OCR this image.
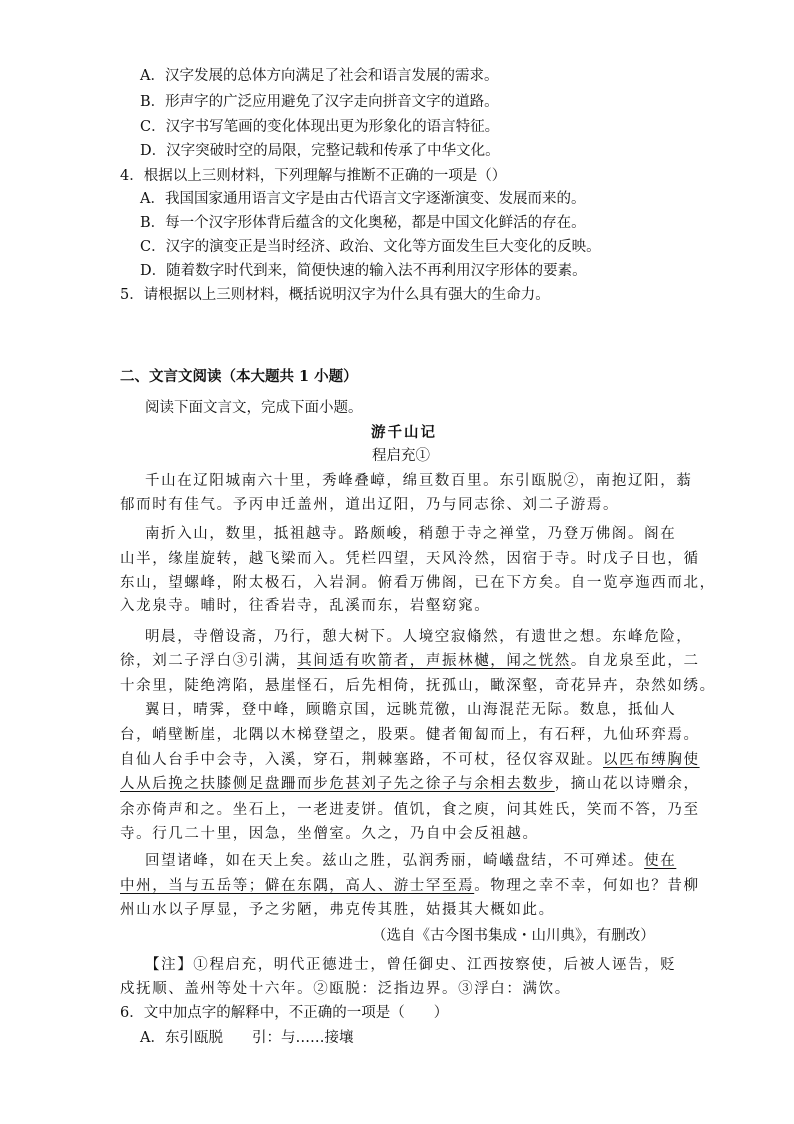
A．汉字发展的总体方向满足了社会和语言发展的需求。
B．形声字的广泛应用避免了汉字走向拼音文字的道路。
C．汉字书写笔画的变化体现出更为形象化的语言特征。
D．汉字突破时空的局限，完整记载和传承了中华文化。
4．根据以上三则材料，下列理解与推断不正确的一项是（）
A．我国国家通用语言文字是由古代语言文字逐渐演变、发展而来的。
B．每一个汉字形体背后蕴含的文化奥秘，都是中国文化鲜活的存在。
C．汉字的演变正是当时经济、政治、文化等方面发生巨大变化的反映。
D．随着数字时代到来，简便快速的输入法不再利用汉字形体的要素。
5．请根据以上三则材料，概括说明汉字为什么具有强大的生命力。
二、文言文阅读（本大题共 1 小题）
阅读下面文言文，完成下面小题。
游千山记
程启充①
千山在辽阳城南六十里，秀峰叠嶂，绵亘数百里。东引瓯脱②，南抱辽阳，蓊
郁而时有佳气。予丙申迁盖州，道出辽阳，乃与同志徐、刘二子游焉。
南折入山，数里，抵祖越寺。路颇峻，稍憩于寺之禅堂，乃登万佛阁。阁在
山半，缘崖旋转，越飞梁而入。凭栏四望，天风泠然，因宿于寺。时戊子日也，循
东山，望螺峰，附太极石，入岩洞。俯看万佛阁，已在下方矣。自一览亭迤西而北，
入龙泉寺。晡时，往香岩寺，乱溪而东，岩壑窈窕。
明晨，寺僧设斋，乃行，憩大树下。人境空寂翛然，有遗世之想。东峰危险，
徐，刘二子浮白③引满，其间适有吹箭者，声振林樾，闻之恍然。自龙泉至此，二
十余里，陡绝湾陷，悬崖怪石，后先相倚，抚孤山，瞰深壑，奇花异卉，杂然如绣。
翼日，晴霁，登中峰，顾瞻京国，远眺荒徼，山海混茫无际。数息，抵仙人
台，峭壁断崖，北隅以木梯登望之，股栗。健者匍匐而上，有石秤，九仙环弈焉。
自仙人台手中会寺，入溪，穿石，荆棘塞路，不可杖，径仅容双趾。以匹布缚胸使
人从后挽之扶膝侧足盘跚而步危甚刘子先之徐子与余相去数步，摘山花以诗赠余，
余亦倚声和之。坐石上，一老进麦饼。值饥，食之庾，问其姓氏，笑而不答，乃至
寺。行几二十里，因急，坐僧室。久之，乃自中会反祖越。
回望诸峰，如在天上矣。兹山之胜，弘润秀丽，崎嶬盘结，不可殚述。使在
中州，当与五岳等；僻在东隅，高人、游士罕至焉。物理之幸不幸，何如也？昔柳
州山水以子厚显，予之劣陋，弗克传其胜，姑摄其大概如此。
（选自《古今图书集成・山川典》，有删改）
【注】①程启充，明代正德进士，曾任御史、江西按察使，后被人诬告，贬
戍抚顺、盖州等处十六年。②瓯脱：泛指边界。③浮白：满饮。
6．文中加点字的解释中，不正确的一项是（　　）
A．东引瓯脱　　引：与……接壤
